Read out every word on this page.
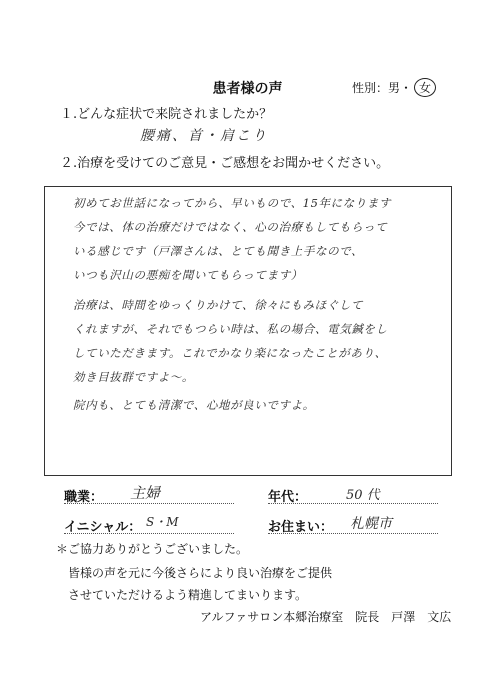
患者様の声	性別：男・ 女
１.どんな症状で来院されましたか？
腰痛、首・肩こり
２.治療を受けてのご意見・ご感想をお聞かせください。
初めてお世話になってから、早いもので、15年になります
今では、体の治療だけではなく、心の治療もしてもらって
いる感じです（戸澤さんは、とても聞き上手なので、
いつも沢山の悪痴を聞いてもらってます）
治療は、時間をゆっくりかけて、徐々にもみほぐして
くれますが、それでもつらい時は、私の場合、電気鍼をし
していただきます。これでかなり楽になったことがあり、
効き目抜群ですよ〜。
院内も、とても清潔で、心地が良いですよ。
職業： 主婦	年代：	50 代
イニシャル： S・M	お住まい： 札幌市
＊ご協力ありがとうございました。
皆様の声を元に今後さらにより良い治療をご提供
させていただけるよう精進してまいります。
アルファサロン本郷治療室　院長　戸澤　文広
